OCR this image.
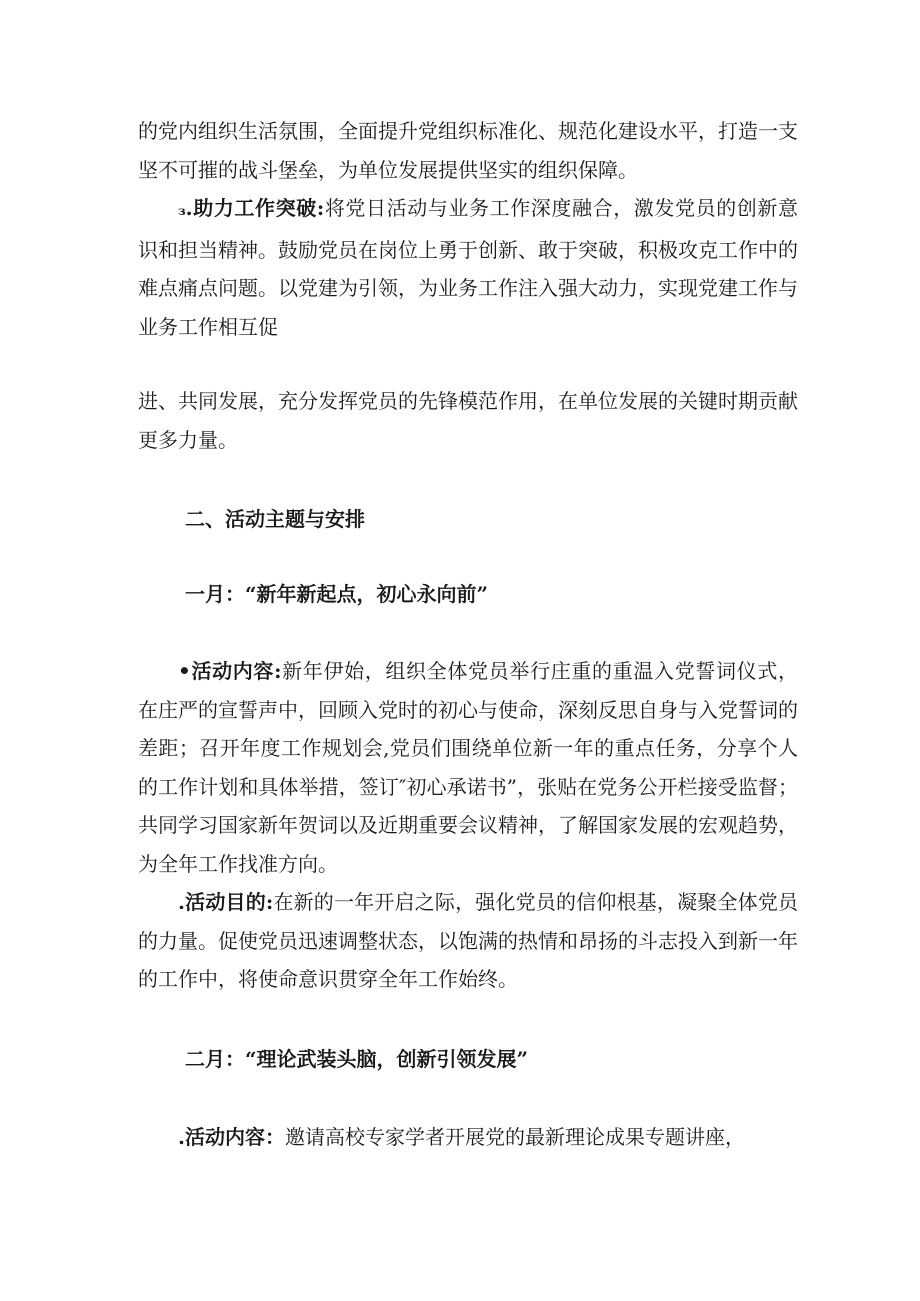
的党内组织生活氛围，全面提升党组织标准化、规范化建设水平，打造一支坚不可摧的战斗堡垒，为单位发展提供坚实的组织保障。

з.助力工作突破:将党日活动与业务工作深度融合，激发党员的创新意识和担当精神。鼓励党员在岗位上勇于创新、敢于突破，积极攻克工作中的难点痛点问题。以党建为引领，为业务工作注入强大动力，实现党建工作与业务工作相互促

进、共同发展，充分发挥党员的先锋模范作用，在单位发展的关键时期贡献更多力量。

二、活动主题与安排

一月：“新年新起点，初心永向前”

•活动内容:新年伊始，组织全体党员举行庄重的重温入党誓词仪式，在庄严的宣誓声中，回顾入党时的初心与使命，深刻反思自身与入党誓词的差距；召开年度工作规划会,党员们围绕单位新一年的重点任务，分享个人的工作计划和具体举措，签订″初心承诺书”，张贴在党务公开栏接受监督；共同学习国家新年贺词以及近期重要会议精神，了解国家发展的宏观趋势，为全年工作找准方向。

.活动目的:在新的一年开启之际，强化党员的信仰根基，凝聚全体党员的力量。促使党员迅速调整状态，以饱满的热情和昂扬的斗志投入到新一年的工作中，将使命意识贯穿全年工作始终。

二月：“理论武装头脑，创新引领发展”

.活动内容：邀请高校专家学者开展党的最新理论成果专题讲座，
